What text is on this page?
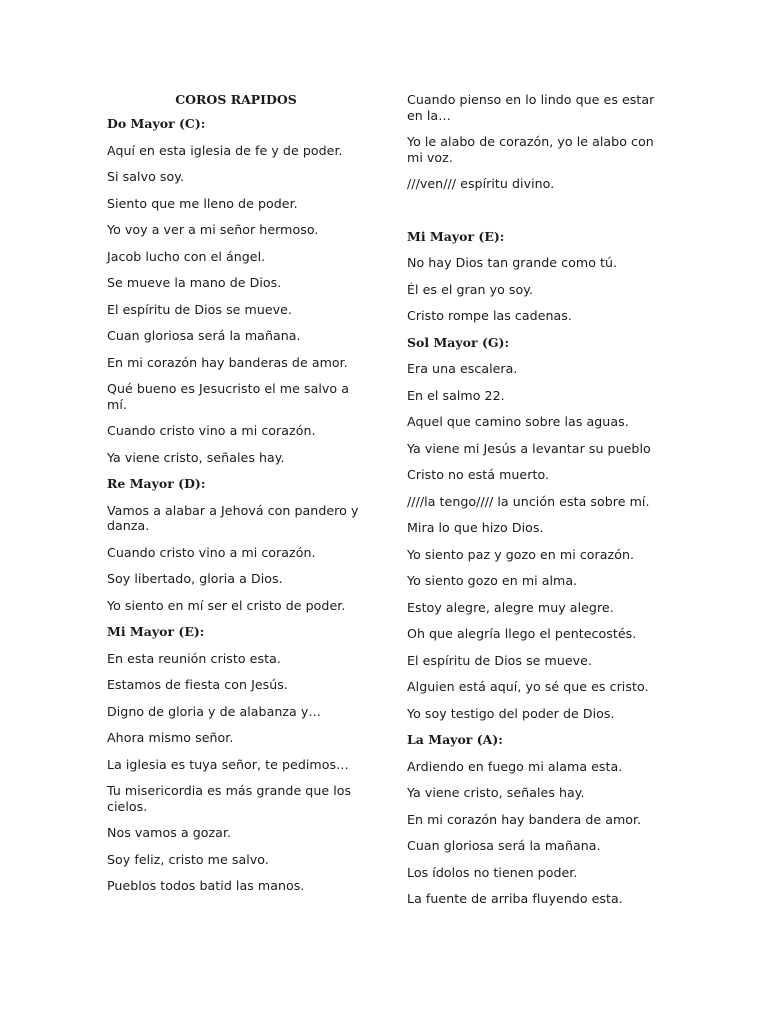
COROS RAPIDOS
Do Mayor (C):
Aquí en esta iglesia de fe y de poder.
Si salvo soy.
Siento que me lleno de poder.
Yo voy a ver a mi señor hermoso.
Jacob lucho con el ángel.
Se mueve la mano de Dios.
El espíritu de Dios se mueve.
Cuan gloriosa será la mañana.
En mi corazón hay banderas de amor.
Qué bueno es Jesucristo el me salvo a mí.
Cuando cristo vino a mi corazón.
Ya viene cristo, señales hay.
Re Mayor (D):
Vamos a alabar a Jehová con pandero y danza.
Cuando cristo vino a mi corazón.
Soy libertado, gloria a Dios.
Yo siento en mí ser el cristo de poder.
Mi Mayor (E):
En esta reunión cristo esta.
Estamos de fiesta con Jesús.
Digno de gloria y de alabanza y…
Ahora mismo señor.
La iglesia es tuya señor, te pedimos…
Tu misericordia es más grande que los cielos.
Nos vamos a gozar.
Soy feliz, cristo me salvo.
Pueblos todos batid las manos.
Cuando pienso en lo lindo que es estar en la…
Yo le alabo de corazón, yo le alabo con mi voz.
///ven/// espíritu divino.
Mi Mayor (E):
No hay Dios tan grande como tú.
Él es el gran yo soy.
Cristo rompe las cadenas.
Sol Mayor (G):
Era una escalera.
En el salmo 22.
Aquel que camino sobre las aguas.
Ya viene mi Jesús a levantar su pueblo
Cristo no está muerto.
////la tengo//// la unción esta sobre mí.
Mira lo que hizo Dios.
Yo siento paz y gozo en mi corazón.
Yo siento gozo en mi alma.
Estoy alegre, alegre muy alegre.
Oh que alegría llego el pentecostés.
El espíritu de Dios se mueve.
Alguien está aquí, yo sé que es cristo.
Yo soy testigo del poder de Dios.
La Mayor (A):
Ardiendo en fuego mi alama esta.
Ya viene cristo, señales hay.
En mi corazón hay bandera de amor.
Cuan gloriosa será la mañana.
Los ídolos no tienen poder.
La fuente de arriba fluyendo esta.
